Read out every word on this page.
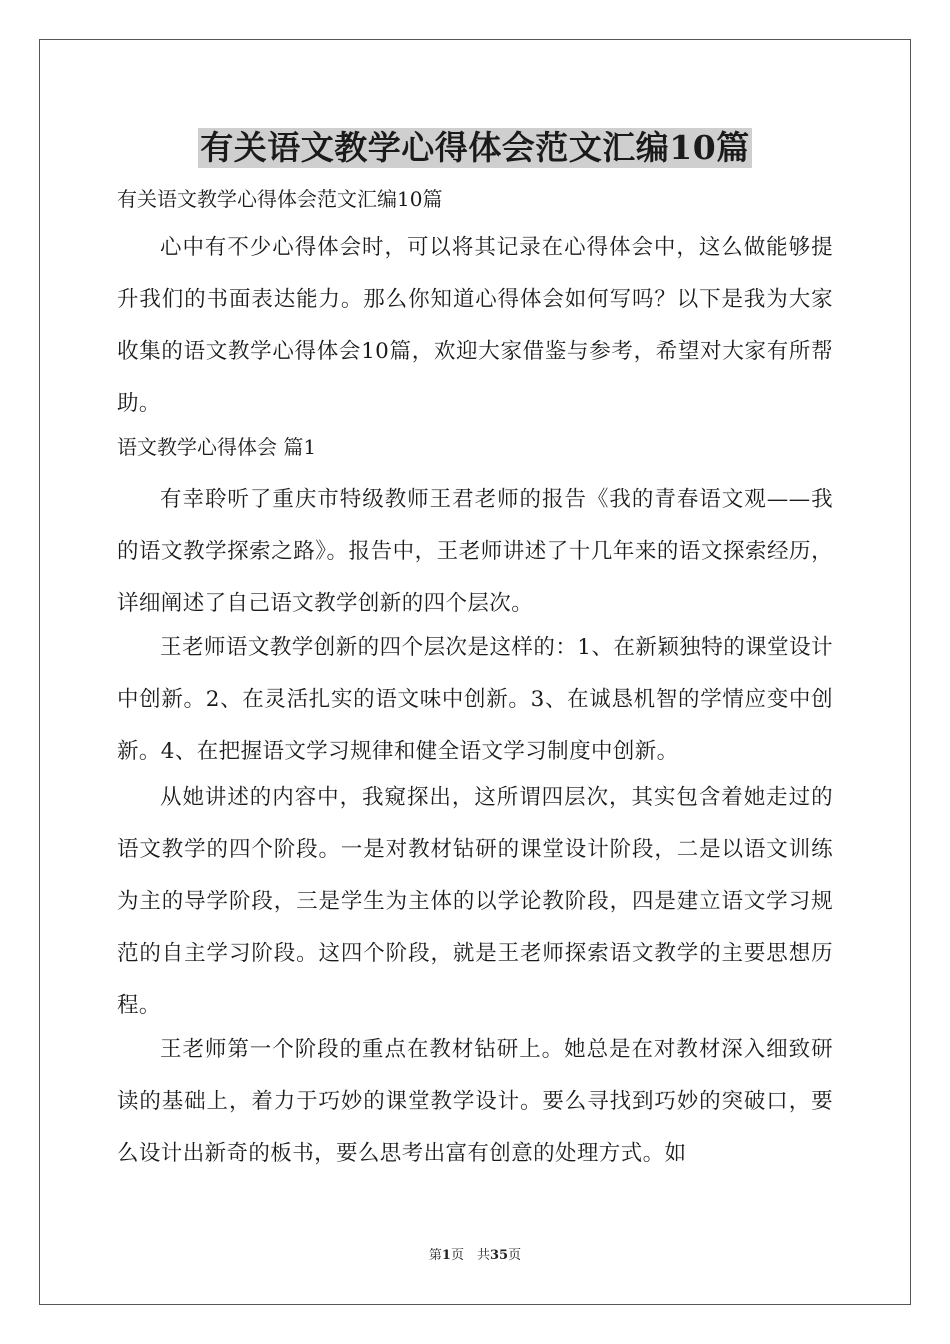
有关语文教学心得体会范文汇编10篇

有关语文教学心得体会范文汇编10篇

心中有不少心得体会时，可以将其记录在心得体会中，这么做能够提升我们的书面表达能力。那么你知道心得体会如何写吗？以下是我为大家收集的语文教学心得体会10篇，欢迎大家借鉴与参考，希望对大家有所帮助。

语文教学心得体会 篇1

有幸聆听了重庆市特级教师王君老师的报告《我的青春语文观——我的语文教学探索之路》。报告中，王老师讲述了十几年来的语文探索经历，详细阐述了自己语文教学创新的四个层次。

王老师语文教学创新的四个层次是这样的：1、在新颖独特的课堂设计中创新。2、在灵活扎实的语文味中创新。3、在诚恳机智的学情应变中创新。4、在把握语文学习规律和健全语文学习制度中创新。

从她讲述的内容中，我窥探出，这所谓四层次，其实包含着她走过的语文教学的四个阶段。一是对教材钻研的课堂设计阶段，二是以语文训练为主的导学阶段，三是学生为主体的以学论教阶段，四是建立语文学习规范的自主学习阶段。这四个阶段，就是王老师探索语文教学的主要思想历程。

王老师第一个阶段的重点在教材钻研上。她总是在对教材深入细致研读的基础上，着力于巧妙的课堂教学设计。要么寻找到巧妙的突破口，要么设计出新奇的板书，要么思考出富有创意的处理方式。如

第1页　共35页
